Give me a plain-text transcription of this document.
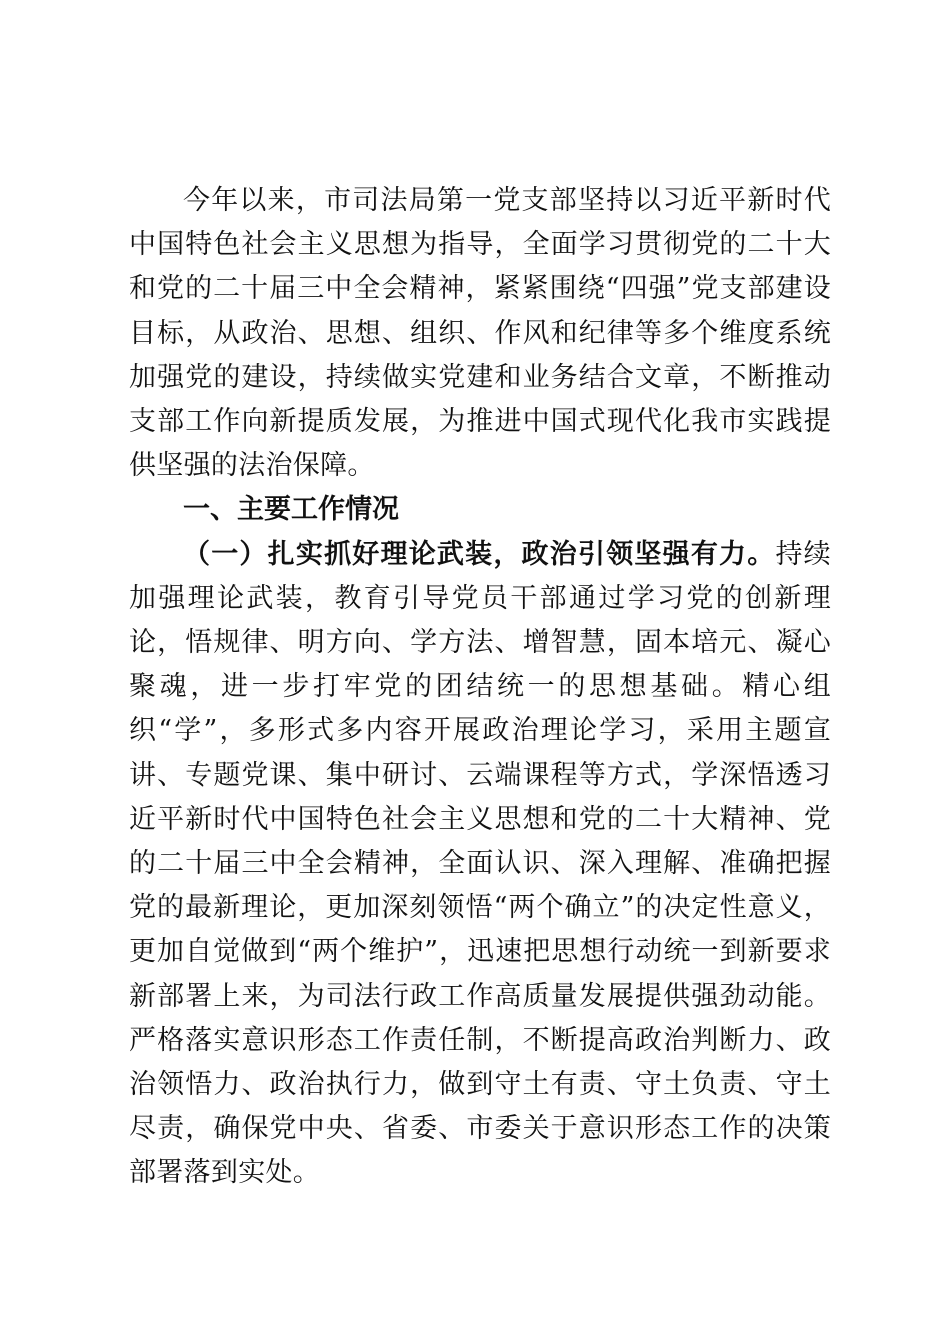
今年以来，市司法局第一党支部坚持以习近平新时代中国特色社会主义思想为指导，全面学习贯彻党的二十大和党的二十届三中全会精神，紧紧围绕“四强”党支部建设目标，从政治、思想、组织、作风和纪律等多个维度系统加强党的建设，持续做实党建和业务结合文章，不断推动支部工作向新提质发展，为推进中国式现代化我市实践提供坚强的法治保障。

一、主要工作情况

（一）扎实抓好理论武装，政治引领坚强有力。持续加强理论武装，教育引导党员干部通过学习党的创新理论，悟规律、明方向、学方法、增智慧，固本培元、凝心聚魂，进一步打牢党的团结统一的思想基础。精心组织“学”，多形式多内容开展政治理论学习，采用主题宣讲、专题党课、集中研讨、云端课程等方式，学深悟透习近平新时代中国特色社会主义思想和党的二十大精神、党的二十届三中全会精神，全面认识、深入理解、准确把握党的最新理论，更加深刻领悟“两个确立”的决定性意义，更加自觉做到“两个维护”，迅速把思想行动统一到新要求新部署上来，为司法行政工作高质量发展提供强劲动能。严格落实意识形态工作责任制，不断提高政治判断力、政治领悟力、政治执行力，做到守土有责、守土负责、守土尽责，确保党中央、省委、市委关于意识形态工作的决策部署落到实处。
